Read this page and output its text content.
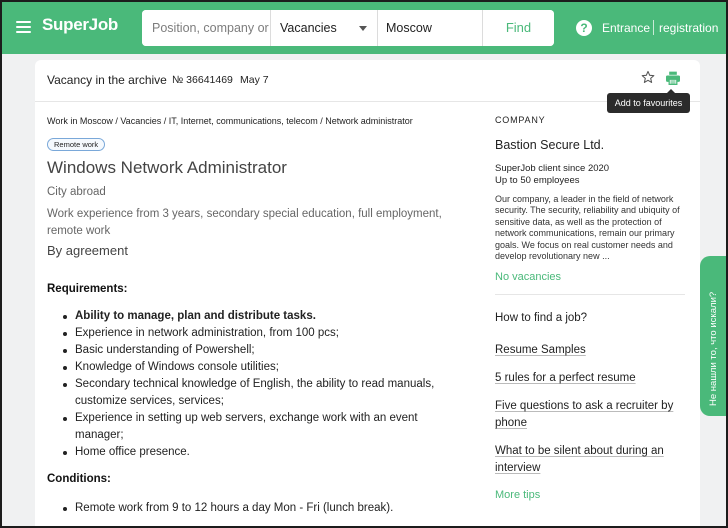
SuperJob
Position, company or	Vacancies	Moscow	Find	?	Entrance registration
Vacancy in the archive № 36641469 May 7
Add to favourites
Work in Moscow / Vacancies / IT, Internet, communications, telecom / Network administrator
Remote work
Windows Network Administrator
City abroad
Work experience from 3 years, secondary special education, full employment, remote work
By agreement
Requirements:
Ability to manage, plan and distribute tasks.
Experience in network administration, from 100 pcs;
Basic understanding of Powershell;
Knowledge of Windows console utilities;
Secondary technical knowledge of English, the ability to read manuals, customize services, services;
Experience in setting up web servers, exchange work with an event manager;
Home office presence.
Conditions:
Remote work from 9 to 12 hours a day Mon - Fri (lunch break).
COMPANY
Bastion Secure Ltd.
SuperJob client since 2020
Up to 50 employees
Our company, a leader in the field of network security. The security, reliability and ubiquity of sensitive data, as well as the protection of network communications, remain our primary goals. We focus on real customer needs and develop revolutionary new ...
No vacancies
How to find a job?
Resume Samples
5 rules for a perfect resume
Five questions to ask a recruiter by phone
What to be silent about during an interview
More tips
Не нашли то, что искали?
